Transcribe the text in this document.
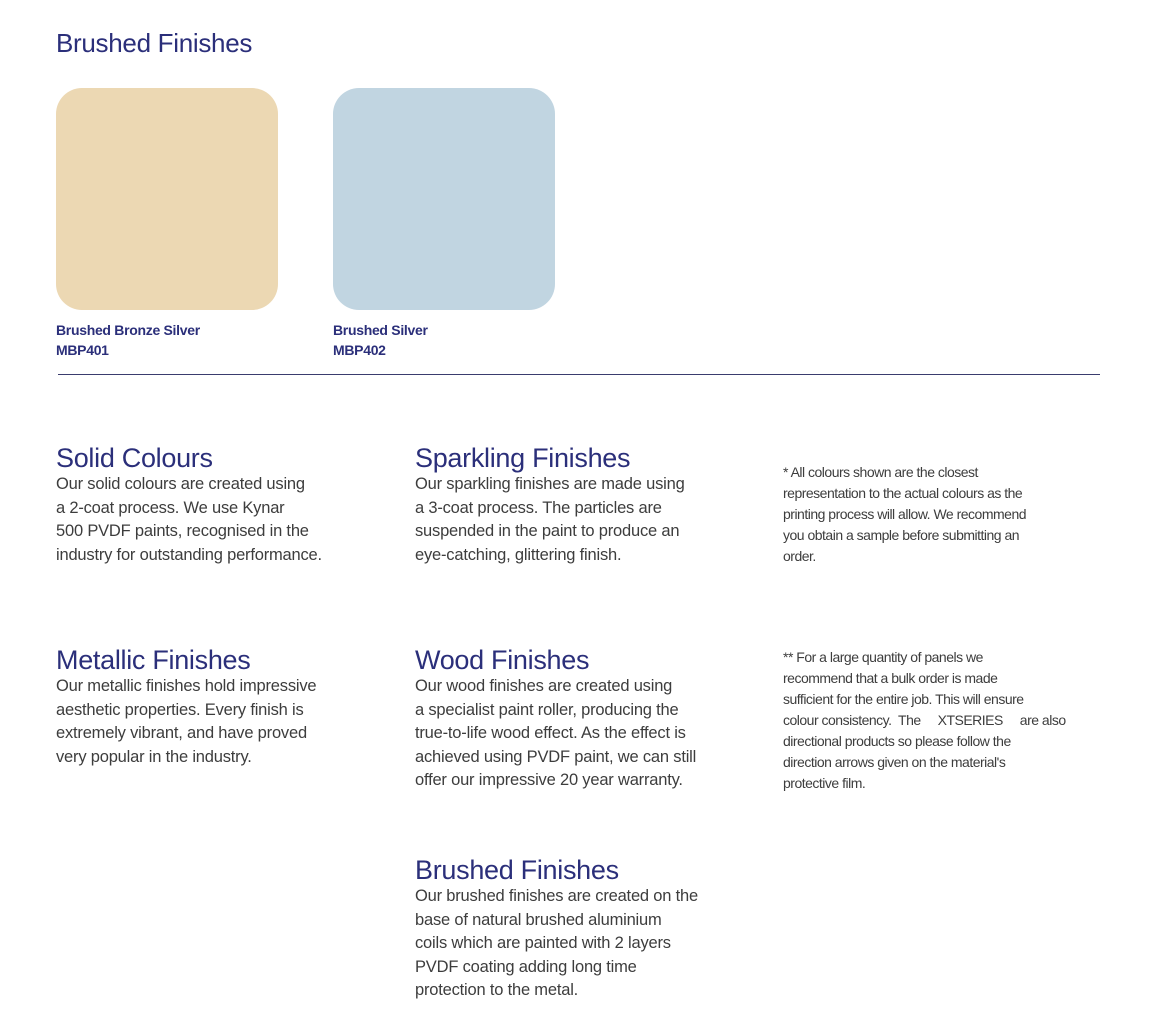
Brushed Finishes
Brushed Bronze Silver
MBP401
Brushed Silver
MBP402
Solid Colours

Our solid colours are created using
a 2-coat process. We use Kynar
500 PVDF paints, recognised in the
industry for outstanding performance.

Sparkling Finishes

Our sparkling finishes are made using
a 3-coat process. The particles are
suspended in the paint to produce an
eye-catching, glittering finish.

Metallic Finishes

Our metallic finishes hold impressive
aesthetic properties. Every finish is
extremely vibrant, and have proved
very popular in the industry.

Wood Finishes

Our wood finishes are created using
a specialist paint roller, producing the
true-to-life wood effect. As the effect is
achieved using PVDF paint, we can still
offer our impressive 20 year warranty.

Brushed Finishes

Our brushed finishes are created on the
base of natural brushed aluminium
coils which are painted with 2 layers
PVDF coating adding long time
protection to the metal.

* All colours shown are the closest
representation to the actual colours as the
printing process will allow. We recommend
you obtain a sample before submitting an
order.
** For a large quantity of panels we
recommend that a bulk order is made
sufficient for the entire job. This will ensure
colour consistency.  The     XTSERIES     are also
directional products so please follow the
direction arrows given on the material's
protective film.
